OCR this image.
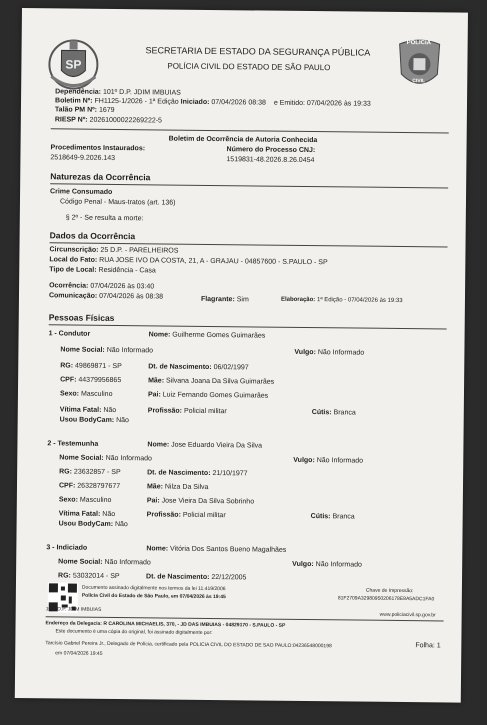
SP
SECRETARIA DE ESTADO DA SEGURANÇA PÚBLICA
POLÍCIA CIVIL DO ESTADO DE SÃO PAULO
POLÍCIA
CIVIL
Dependência: 101º D.P. JDIM IMBUIAS
Boletim Nº: FH1125-1/2026 - 1ª Edição Iniciado: 07/04/2026 08:38 e Emitido: 07/04/2026 às 19:33
Talão PM Nº: 1679
RIESP Nº: 20261000022269222-5
Boletim de Ocorrência de Autoria Conhecida
Procedimentos Instaurados:
2518649-9.2026.143
Número do Processo CNJ:
1519831-48.2026.8.26.0454
Naturezas da Ocorrência
Crime Consumado
Código Penal - Maus-tratos (art. 136)
§ 2º - Se resulta a morte:
Dados da Ocorrência
Circunscrição: 25 D.P. - PARELHEIROS
Local do Fato: RUA JOSE IVO DA COSTA, 21, A - GRAJAU - 04857600 - S.PAULO - SP
Tipo de Local: Residência - Casa
Ocorrência: 07/04/2026 às 03:40
Comunicação: 07/04/2026 às 08:38	Flagrante: Sim	Elaboração: 1ª Edição - 07/04/2026 às 19:33
Pessoas Físicas
1 - Condutor	Nome: Guilherme Gomes Guimarães
Nome Social: Não Informado	Vulgo: Não Informado
RG: 49869871 - SP	Dt. de Nascimento: 06/02/1997
CPF: 44379956865	Mãe: Silvana Joana Da Silva Guimarães
Sexo: Masculino	Pai: Luiz Fernando Gomes Guimarães
Vítima Fatal: Não	Profissão: Policial militar	Cútis: Branca
Usou BodyCam: Não
2 - Testemunha	Nome: Jose Eduardo Vieira Da Silva
Nome Social: Não Informado	Vulgo: Não Informado
RG: 23632857 - SP	Dt. de Nascimento: 21/10/1977
CPF: 26328797677	Mãe: Nilza Da Silva
Sexo: Masculino	Pai: Jose Vieira Da Silva Sobrinho
Vítima Fatal: Não	Profissão: Policial militar	Cútis: Branca
Usou BodyCam: Não
3 - Indiciado	Nome: Vitória Dos Santos Bueno Magalhães
Nome Social: Não Informado	Vulgo: Não Informado
RG: 53032014 - SP	Dt. de Nascimento: 22/12/2005
Documento assinado digitalmente nos termos da lei 11.419/2006
Polícia Civil do Estado de São Paulo, em 07/04/2026 às 19:45
Chave de Impressão:
81F2709A32980950206178E8A5ADC1FA0
101º D.P. JDIM IMBUIAS
www.policiacivil.sp.gov.br
Endereço da Delegacia: R CAROLINA MICHAELIS, 370, - JD DAS IMBUIAS - 04829170 - S.PAULO - SP
Este documento é uma cópia do original, foi assinado digitalmente por:
Tarcísio Gabriel Pereira Jr., Delegado de Polícia, certificado pela POLICIA CIVIL DO ESTADO DE SAO PAULO:04236548000198	Folha: 1
em 07/04/2026 19:45
